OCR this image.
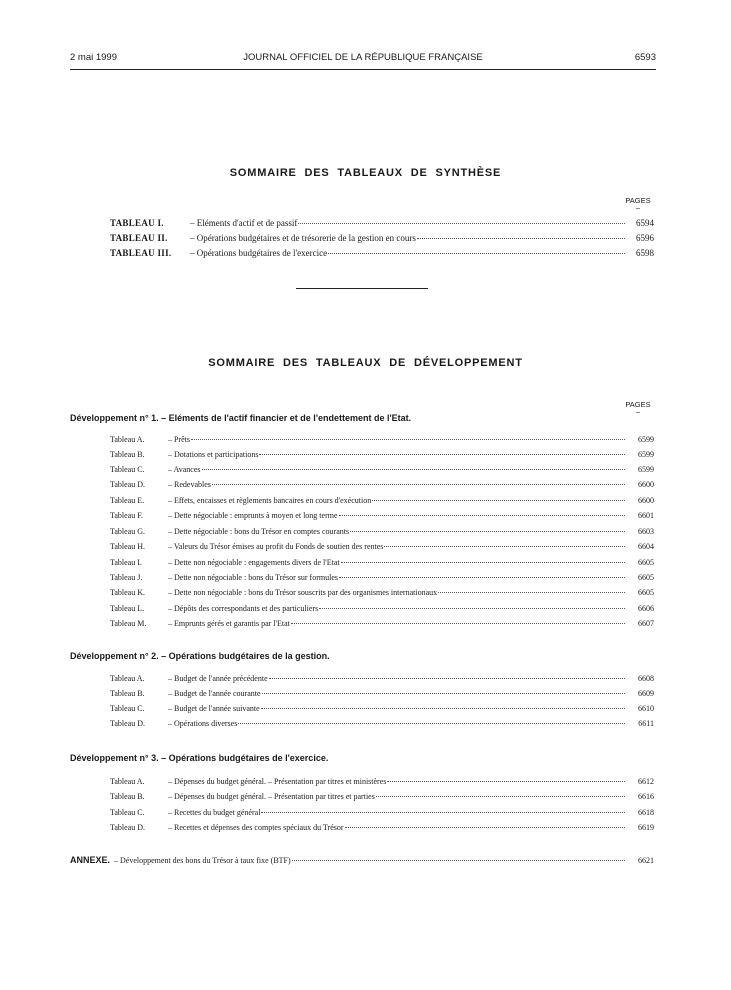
2 mai 1999	JOURNAL OFFICIEL DE LA RÉPUBLIQUE FRANÇAISE	6593
SOMMAIRE DES TABLEAUX DE SYNTHÈSE
PAGES
–
TABLEAU I.	– Eléments d'actif et de passif	6594
TABLEAU II.	– Opérations budgétaires et de trésorerie de la gestion en cours	6596
TABLEAU III.	– Opérations budgétaires de l'exercice	6598
SOMMAIRE DES TABLEAUX DE DÉVELOPPEMENT
PAGES
–
Développement n° 1. – Eléments de l'actif financier et de l'endettement de l'Etat.
Tableau A.	– Prêts	6599
Tableau B.	– Dotations et participations	6599
Tableau C.	– Avances	6599
Tableau D.	– Redevables	6600
Tableau E.	– Effets, encaisses et règlements bancaires en cours d'exécution	6600
Tableau F.	– Dette négociable : emprunts à moyen et long terme	6601
Tableau G.	– Dette négociable : bons du Trésor en comptes courants	6603
Tableau H.	– Valeurs du Trésor émises au profit du Fonds de soutien des rentes	6604
Tableau I.	– Dette non négociable : engagements divers de l'Etat	6605
Tableau J.	– Dette non négociable : bons du Trésor sur formules	6605
Tableau K.	– Dette non négociable : bons du Trésor souscrits par des organismes internationaux	6605
Tableau L.	– Dépôts des correspondants et des particuliers	6606
Tableau M.	– Emprunts gérés et garantis par l'Etat	6607
Développement n° 2. – Opérations budgétaires de la gestion.
Tableau A.	– Budget de l'année précédente	6608
Tableau B.	– Budget de l'année courante	6609
Tableau C.	– Budget de l'année suivante	6610
Tableau D.	– Opérations diverses	6611
Développement n° 3. – Opérations budgétaires de l'exercice.
Tableau A.	– Dépenses du budget général. – Présentation par titres et ministères	6612
Tableau B.	– Dépenses du budget général. – Présentation par titres et parties	6616
Tableau C.	– Recettes du budget général	6618
Tableau D.	– Recettes et dépenses des comptes spéciaux du Trésor	6619
ANNEXE. – Développement des bons du Trésor à taux fixe (BTF)	6621
